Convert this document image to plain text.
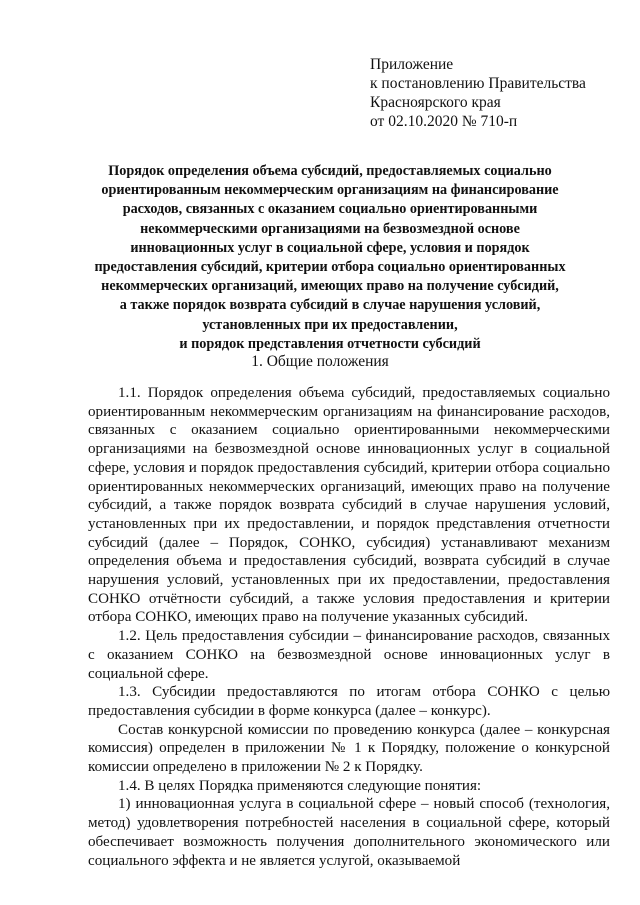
Приложение
к постановлению Правительства
Красноярского края
от 02.10.2020 № 710-п
Порядок определения объема субсидий, предоставляемых социально
ориентированным некоммерческим организациям на финансирование
расходов, связанных с оказанием социально ориентированными
некоммерческими организациями на безвозмездной основе
инновационных услуг в социальной сфере, условия и порядок
предоставления субсидий, критерии отбора социально ориентированных
некоммерческих организаций, имеющих право на получение субсидий,
а также порядок возврата субсидий в случае нарушения условий,
установленных при их предоставлении,
и порядок представления отчетности субсидий
1. Общие положения

1.1. Порядок определения объема субсидий, предоставляемых социально ориентированным некоммерческим организациям на финансирование расходов, связанных с оказанием социально ориентированными некоммерческими организациями на безвозмездной основе инновационных услуг в социальной сфере, условия и порядок предоставления субсидий, критерии отбора социально ориентированных некоммерческих организаций, имеющих право на получение субсидий, а также порядок возврата субсидий в случае нарушения условий, установленных при их предоставлении, и порядок представления отчетности субсидий (далее – Порядок, СОНКО, субсидия) устанавливают механизм определения объема и предоставления субсидий, возврата субсидий в случае нарушения условий, установленных при их предоставлении, предоставления СОНКО отчётности субсидий, а также условия предоставления и критерии отбора СОНКО, имеющих право на получение указанных субсидий.

1.2. Цель предоставления субсидии – финансирование расходов, связанных с оказанием СОНКО на безвозмездной основе инновационных услуг в социальной сфере.

1.3. Субсидии предоставляются по итогам отбора СОНКО с целью предоставления субсидии в форме конкурса (далее – конкурс).

Состав конкурсной комиссии по проведению конкурса (далее – конкурсная комиссия) определен в приложении № 1 к Порядку, положение о конкурсной комиссии определено в приложении № 2 к Порядку.

1.4. В целях Порядка применяются следующие понятия:

1) инновационная услуга в социальной сфере – новый способ (технология, метод) удовлетворения потребностей населения в социальной сфере, который обеспечивает возможность получения дополнительного экономического или социального эффекта и не является услугой, оказываемой
